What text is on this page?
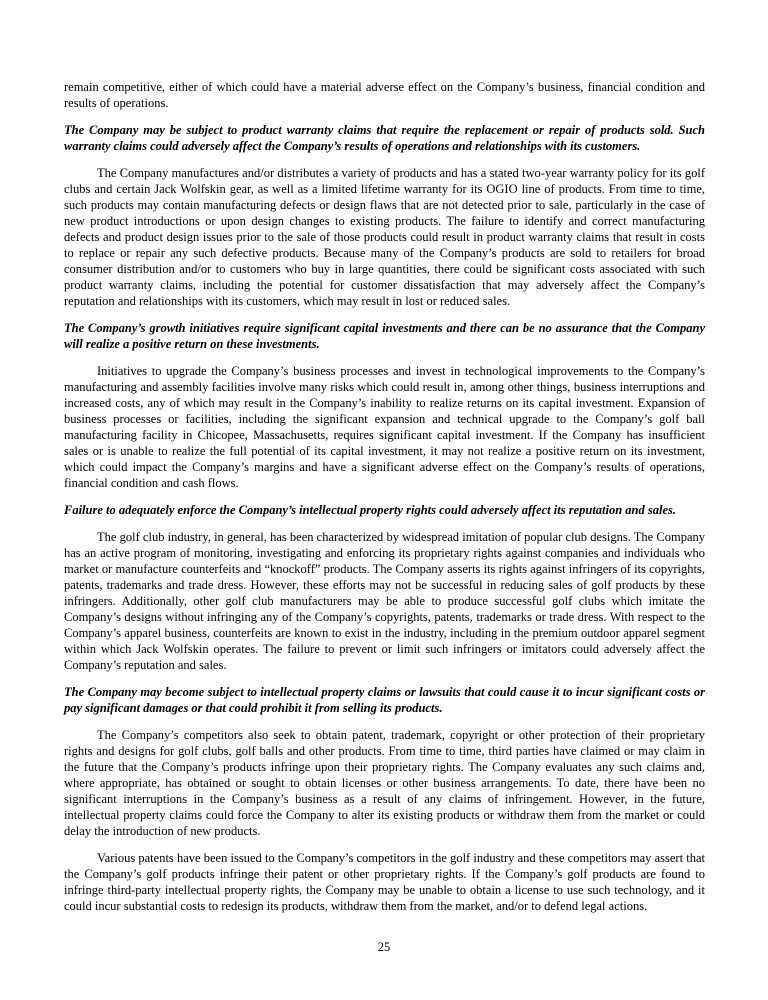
remain competitive, either of which could have a material adverse effect on the Company’s business, financial condition and results of operations.

The Company may be subject to product warranty claims that require the replacement or repair of products sold. Such warranty claims could adversely affect the Company’s results of operations and relationships with its customers.

The Company manufactures and/or distributes a variety of products and has a stated two-year warranty policy for its golf clubs and certain Jack Wolfskin gear, as well as a limited lifetime warranty for its OGIO line of products. From time to time, such products may contain manufacturing defects or design flaws that are not detected prior to sale, particularly in the case of new product introductions or upon design changes to existing products. The failure to identify and correct manufacturing defects and product design issues prior to the sale of those products could result in product warranty claims that result in costs to replace or repair any such defective products. Because many of the Company’s products are sold to retailers for broad consumer distribution and/or to customers who buy in large quantities, there could be significant costs associated with such product warranty claims, including the potential for customer dissatisfaction that may adversely affect the Company’s reputation and relationships with its customers, which may result in lost or reduced sales.

The Company’s growth initiatives require significant capital investments and there can be no assurance that the Company will realize a positive return on these investments.

Initiatives to upgrade the Company’s business processes and invest in technological improvements to the Company’s manufacturing and assembly facilities involve many risks which could result in, among other things, business interruptions and increased costs, any of which may result in the Company’s inability to realize returns on its capital investment. Expansion of business processes or facilities, including the significant expansion and technical upgrade to the Company’s golf ball manufacturing facility in Chicopee, Massachusetts, requires significant capital investment. If the Company has insufficient sales or is unable to realize the full potential of its capital investment, it may not realize a positive return on its investment, which could impact the Company’s margins and have a significant adverse effect on the Company’s results of operations, financial condition and cash flows.

Failure to adequately enforce the Company’s intellectual property rights could adversely affect its reputation and sales.

The golf club industry, in general, has been characterized by widespread imitation of popular club designs. The Company has an active program of monitoring, investigating and enforcing its proprietary rights against companies and individuals who market or manufacture counterfeits and “knockoff” products. The Company asserts its rights against infringers of its copyrights, patents, trademarks and trade dress. However, these efforts may not be successful in reducing sales of golf products by these infringers. Additionally, other golf club manufacturers may be able to produce successful golf clubs which imitate the Company’s designs without infringing any of the Company’s copyrights, patents, trademarks or trade dress. With respect to the Company’s apparel business, counterfeits are known to exist in the industry, including in the premium outdoor apparel segment within which Jack Wolfskin operates. The failure to prevent or limit such infringers or imitators could adversely affect the Company’s reputation and sales.

The Company may become subject to intellectual property claims or lawsuits that could cause it to incur significant costs or pay significant damages or that could prohibit it from selling its products.

The Company’s competitors also seek to obtain patent, trademark, copyright or other protection of their proprietary rights and designs for golf clubs, golf balls and other products. From time to time, third parties have claimed or may claim in the future that the Company’s products infringe upon their proprietary rights. The Company evaluates any such claims and, where appropriate, has obtained or sought to obtain licenses or other business arrangements. To date, there have been no significant interruptions in the Company’s business as a result of any claims of infringement. However, in the future, intellectual property claims could force the Company to alter its existing products or withdraw them from the market or could delay the introduction of new products.

Various patents have been issued to the Company’s competitors in the golf industry and these competitors may assert that the Company’s golf products infringe their patent or other proprietary rights. If the Company’s golf products are found to infringe third-party intellectual property rights, the Company may be unable to obtain a license to use such technology, and it could incur substantial costs to redesign its products, withdraw them from the market, and/or to defend legal actions.

25
